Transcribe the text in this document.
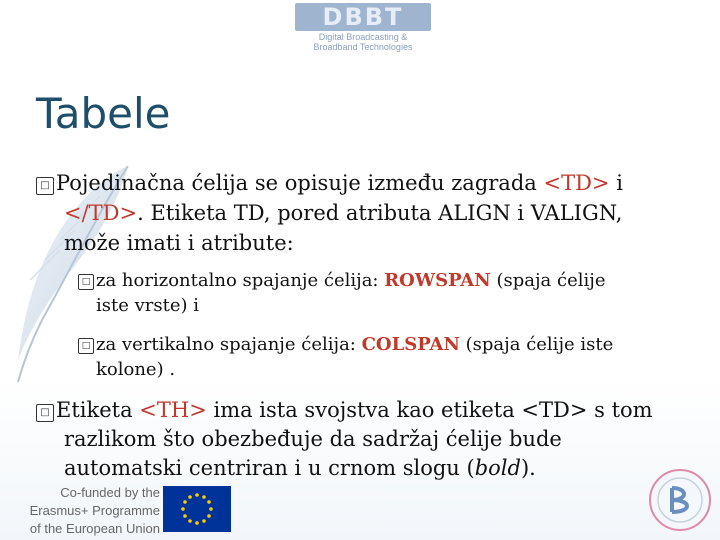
DBBT
Digital Broadcasting &
Broadband Technologies
Tabele
□ Pojedinačna ćelija se opisuje između zagrada <TD> i
</TD>. Etiketa TD, pored atributa ALIGN i VALIGN,
može imati i atribute:
□ za horizontalno spajanje ćelija: ROWSPAN (spaja ćelije
iste vrste) i
□ za vertikalno spajanje ćelija: COLSPAN (spaja ćelije iste
kolone) .
□ Etiketa <TH> ima ista svojstva kao etiketa <TD> s tom
razlikom što obezbeđuje da sadržaj ćelije bude
automatski centriran i u crnom slogu (bold).
Co-funded by the
Erasmus+ Programme
of the European Union
